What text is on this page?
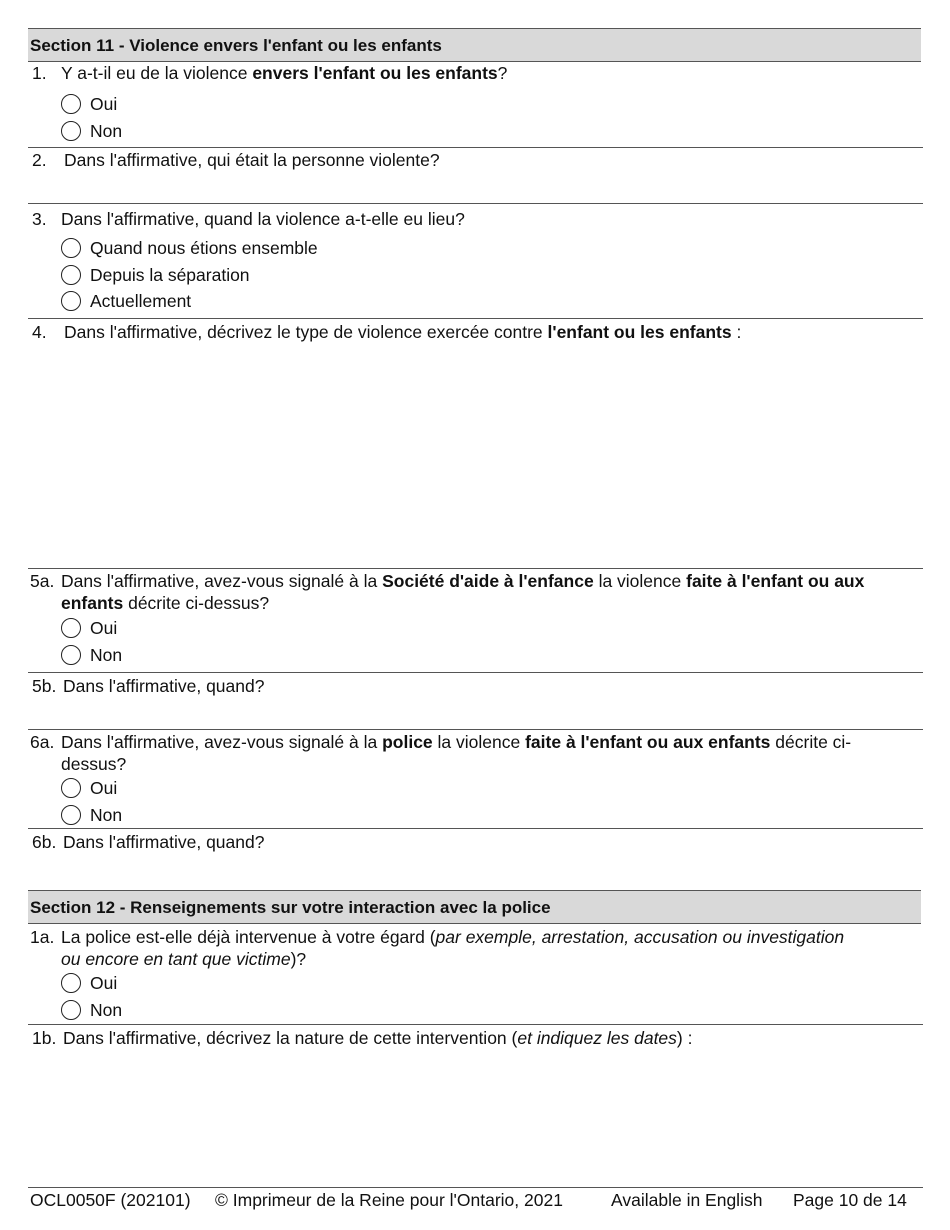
Section 11 - Violence envers l'enfant ou les enfants
1. Y a-t-il eu de la violence envers l'enfant ou les enfants?
Oui
Non
2. Dans l'affirmative, qui était la personne violente?
3. Dans l'affirmative, quand la violence a-t-elle eu lieu?
Quand nous étions ensemble
Depuis la séparation
Actuellement
4. Dans l'affirmative, décrivez le type de violence exercée contre l'enfant ou les enfants :
5a. Dans l'affirmative, avez-vous signalé à la Société d'aide à l'enfance la violence faite à l'enfant ou aux
enfants décrite ci-dessus?
Oui
Non
5b. Dans l'affirmative, quand?
6a. Dans l'affirmative, avez-vous signalé à la police la violence faite à l'enfant ou aux enfants décrite ci-
dessus?
Oui
Non
6b. Dans l'affirmative, quand?
Section 12 - Renseignements sur votre interaction avec la police
1a. La police est-elle déjà intervenue à votre égard (par exemple, arrestation, accusation ou investigation
ou encore en tant que victime)?
Oui
Non
1b. Dans l'affirmative, décrivez la nature de cette intervention (et indiquez les dates) :
OCL0050F (202101) © Imprimeur de la Reine pour l'Ontario, 2021	Available in English Page 10 de 14
